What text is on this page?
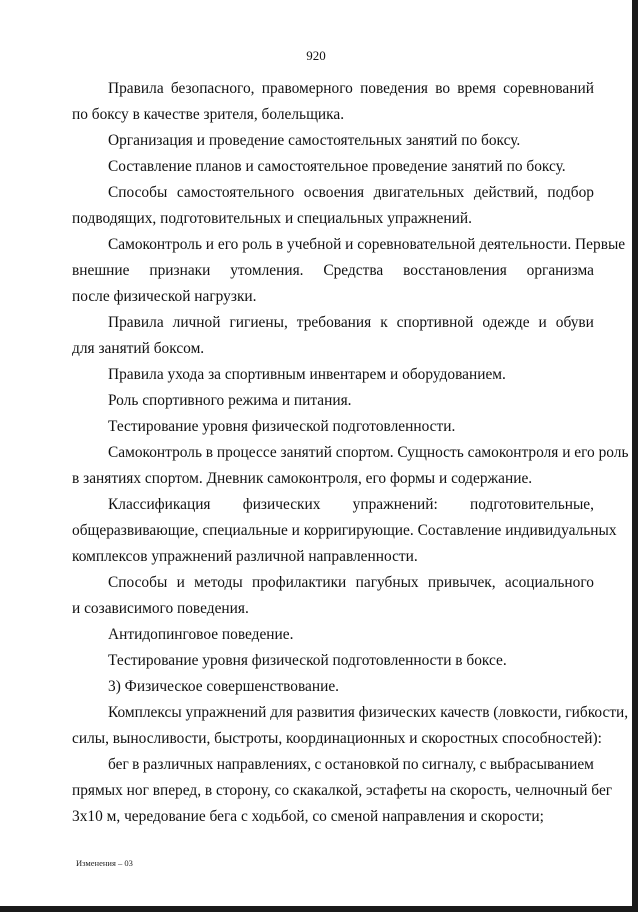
920
Правила безопасного, правомерного поведения во время соревнований
по боксу в качестве зрителя, болельщика.
Организация и проведение самостоятельных занятий по боксу.
Составление планов и самостоятельное проведение занятий по боксу.
Способы самостоятельного освоения двигательных действий, подбор
подводящих, подготовительных и специальных упражнений.
Самоконтроль и его роль в учебной и соревновательной деятельности. Первые
внешние признаки утомления. Средства восстановления организма
после физической нагрузки.
Правила личной гигиены, требования к спортивной одежде и обуви
для занятий боксом.
Правила ухода за спортивным инвентарем и оборудованием.
Роль спортивного режима и питания.
Тестирование уровня физической подготовленности.
Самоконтроль в процессе занятий спортом. Сущность самоконтроля и его роль
в занятиях спортом. Дневник самоконтроля, его формы и содержание.
Классификация физических упражнений: подготовительные,
общеразвивающие, специальные и корригирующие. Составление индивидуальных
комплексов упражнений различной направленности.
Способы и методы профилактики пагубных привычек, асоциального
и созависимого поведения.
Антидопинговое поведение.
Тестирование уровня физической подготовленности в боксе.
3) Физическое совершенствование.
Комплексы упражнений для развития физических качеств (ловкости, гибкости,
силы, выносливости, быстроты, координационных и скоростных способностей):
бег в различных направлениях, с остановкой по сигналу, с выбрасыванием
прямых ног вперед, в сторону, со скакалкой, эстафеты на скорость, челночный бег
3x10 м, чередование бега с ходьбой, со сменой направления и скорости;
Изменения – 03
